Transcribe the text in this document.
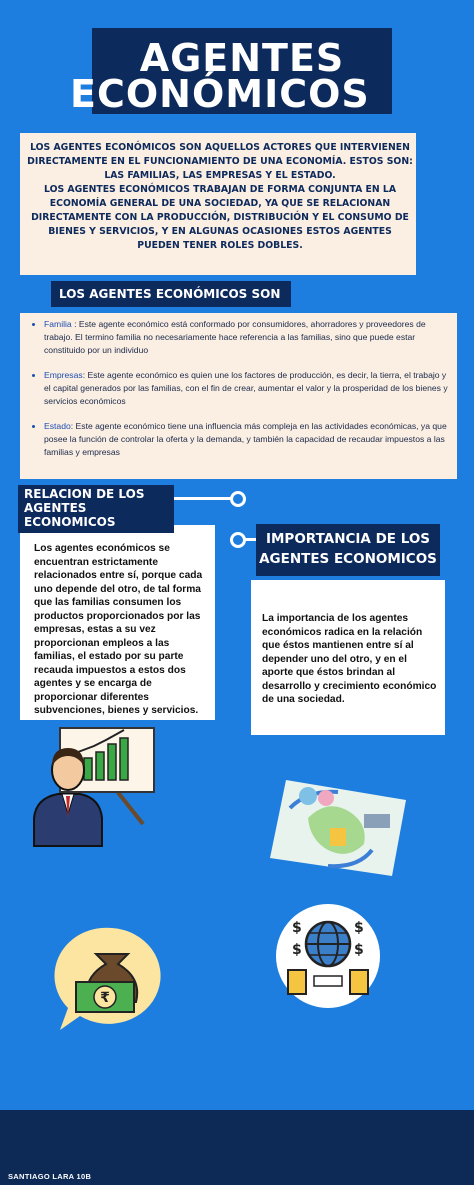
AGENTES
ECONÓMICOS

LOS AGENTES ECONÓMICOS SON AQUELLOS ACTORES QUE INTERVIENEN DIRECTAMENTE EN EL FUNCIONAMIENTO DE UNA ECONOMÍA. ESTOS SON: LAS FAMILIAS, LAS EMPRESAS Y EL ESTADO.

LOS AGENTES ECONÓMICOS TRABAJAN DE FORMA CONJUNTA EN LA ECONOMÍA GENERAL DE UNA SOCIEDAD, YA QUE SE RELACIONAN DIRECTAMENTE CON LA PRODUCCIÓN, DISTRIBUCIÓN Y EL CONSUMO DE BIENES Y SERVICIOS, Y EN ALGUNAS OCASIONES ESTOS AGENTES PUEDEN TENER ROLES DOBLES.

LOS AGENTES ECONÓMICOS SON
• Familia : Este agente económico está conformado por consumidores, ahorradores y proveedores de trabajo. El termino familia no necesariamente hace referencia a las familias, sino que puede estar constituido por un individuo
• Empresas: Este agente económico es quien une los factores de producción, es decir, la tierra, el trabajo y el capital generados por las familias, con el fin de crear, aumentar el valor y la prosperidad de los bienes y servicios económicos
• Estado: Este agente económico tiene una influencia más compleja en las actividades económicas, ya que posee la función de controlar la oferta y la demanda, y también la capacidad de recaudar impuestos a las familias y empresas
RELACION DE LOS AGENTES ECONOMICOS
Los agentes económicos se encuentran estrictamente relacionados entre sí, porque cada uno depende del otro, de tal forma que las familias consumen los productos proporcionados por las empresas, estas a su vez proporcionan empleos a las familias, el estado por su parte recauda impuestos a estos dos agentes y se encarga de proporcionar diferentes subvenciones, bienes y servicios.
IMPORTANCIA DE LOS AGENTES ECONOMICOS
La importancia de los agentes económicos radica en la relación que éstos mantienen entre sí al depender uno del otro, y en el aporte que éstos brindan al desarrollo y crecimiento económico de una sociedad.
₹
$
$
$
$
SANTIAGO LARA 10B
